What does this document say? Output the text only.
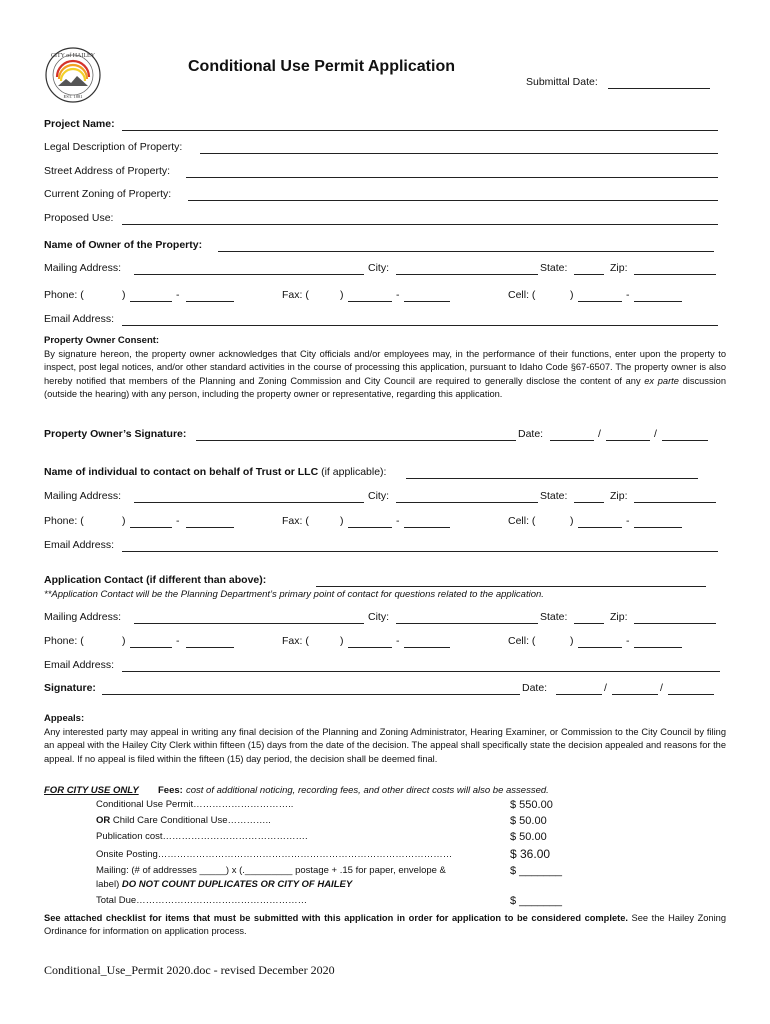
CITY of HAILEY
EST. 1881
Conditional Use Permit Application
Submittal Date:
Project Name:
Legal Description of Property:
Street Address of Property:
Current Zoning of Property:
Proposed Use:
Name of Owner of the Property:
Mailing Address:	City:	State:	Zip:
Phone: (	)	-	Fax: (	)	-	Cell: (	)	-
Email Address:
Property Owner Consent:
By signature hereon, the property owner acknowledges that City officials and/or employees may, in the performance of their functions, enter upon the property to inspect, post legal notices, and/or other standard activities in the course of processing this application, pursuant to Idaho Code §67-6507. The property owner is also hereby notified that members of the Planning and Zoning Commission and City Council are required to generally disclose the content of any ex parte discussion (outside the hearing) with any person, including the property owner or representative, regarding this application.
Property Owner’s Signature:	Date:	/	/
Name of individual to contact on behalf of Trust or LLC (if applicable):
Mailing Address:	City:	State:	Zip:
Phone: (	)	-	Fax: (	)	-	Cell: (	)	-
Email Address:
Application Contact (if different than above):
**Application Contact will be the Planning Department’s primary point of contact for questions related to the application.
Mailing Address:	City:	State:	Zip:
Phone: (	)	-	Fax: (	)	-	Cell: (	)	-
Email Address:
Signature:	Date:	/	/
Appeals:
Any interested party may appeal in writing any final decision of the Planning and Zoning Administrator, Hearing Examiner, or Commission to the City Council by filing an appeal with the Hailey City Clerk within fifteen (15) days from the date of the decision. The appeal shall specifically state the decision appealed and reasons for the appeal. If no appeal is filed within the fifteen (15) day period, the decision shall be deemed final.
FOR CITY USE ONLY Fees: cost of additional noticing, recording fees, and other direct costs will also be assessed.
Conditional Use Permit…………………………..	$ 550.00
OR Child Care Conditional Use…………..	$ 50.00
Publication cost……………………………………….	$ 50.00
Onsite Posting…………………………………………………………………………………	$ 36.00
Mailing: (# of addresses _____) x (._________ postage + .15 for paper, envelope &
label) DO NOT COUNT DUPLICATES OR CITY OF HAILEY
$ _______
Total Due………………………………………………	$ _______
See attached checklist for items that must be submitted with this application in order for application to be considered complete. See the Hailey Zoning Ordinance for information on application process.
Conditional_Use_Permit 2020.doc - revised December 2020
